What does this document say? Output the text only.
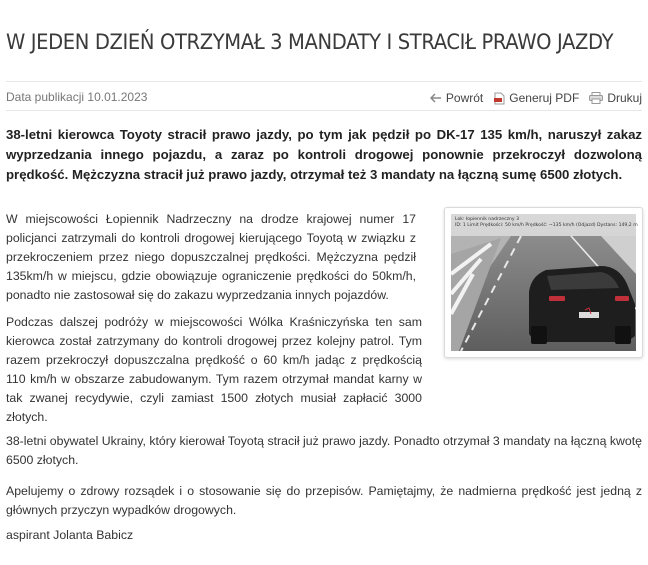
W JEDEN DZIEŃ OTRZYMAŁ 3 MANDATY I STRACIŁ PRAWO JAZDY
Data publikacji 10.01.2023	Powrót Generuj PDF Drukuj

38-letni kierowca Toyoty stracił prawo jazdy, po tym jak pędził po DK-17 135 km/h, naruszył zakaz wyprzedzania innego pojazdu, a zaraz po kontroli drogowej ponownie przekroczył dozwoloną prędkość. Mężczyzna stracił już prawo jazdy, otrzymał też 3 mandaty na łączną sumę 6500 złotych.

Lok: łopiennik nadrzeczny 3
ID: 1 Limit Prędkości: 50 km/h Prędkość: ~135 km/h (Odjazd) Dystans: 149,2 m

W miejscowości Łopiennik Nadrzeczny na drodze krajowej numer 17 policjanci zatrzymali do kontroli drogowej kierującego Toyotą w związku z przekroczeniem przez niego dopuszczalnej prędkości. Mężczyzna pędził 135km/h w miejscu, gdzie obowiązuje ograniczenie prędkości do 50km/h, ponadto nie zastosował się do zakazu wyprzedzania innych pojazdów.

Podczas dalszej podróży w miejscowości Wólka Kraśniczyńska ten sam kierowca został zatrzymany do kontroli drogowej przez kolejny patrol. Tym razem przekroczył dopuszczalna prędkość o 60 km/h jadąc z prędkością 110 km/h w obszarze zabudowanym. Tym razem otrzymał mandat karny w tak zwanej recydywie, czyli zamiast 1500 złotych musiał zapłacić 3000 złotych.

38-letni obywatel Ukrainy, który kierował Toyotą stracił już prawo jazdy. Ponadto otrzymał 3 mandaty na łączną kwotę 6500 złotych.

Apelujemy o zdrowy rozsądek i o stosowanie się do przepisów. Pamiętajmy, że nadmierna prędkość jest jedną z głównych przyczyn wypadków drogowych.

aspirant Jolanta Babicz
